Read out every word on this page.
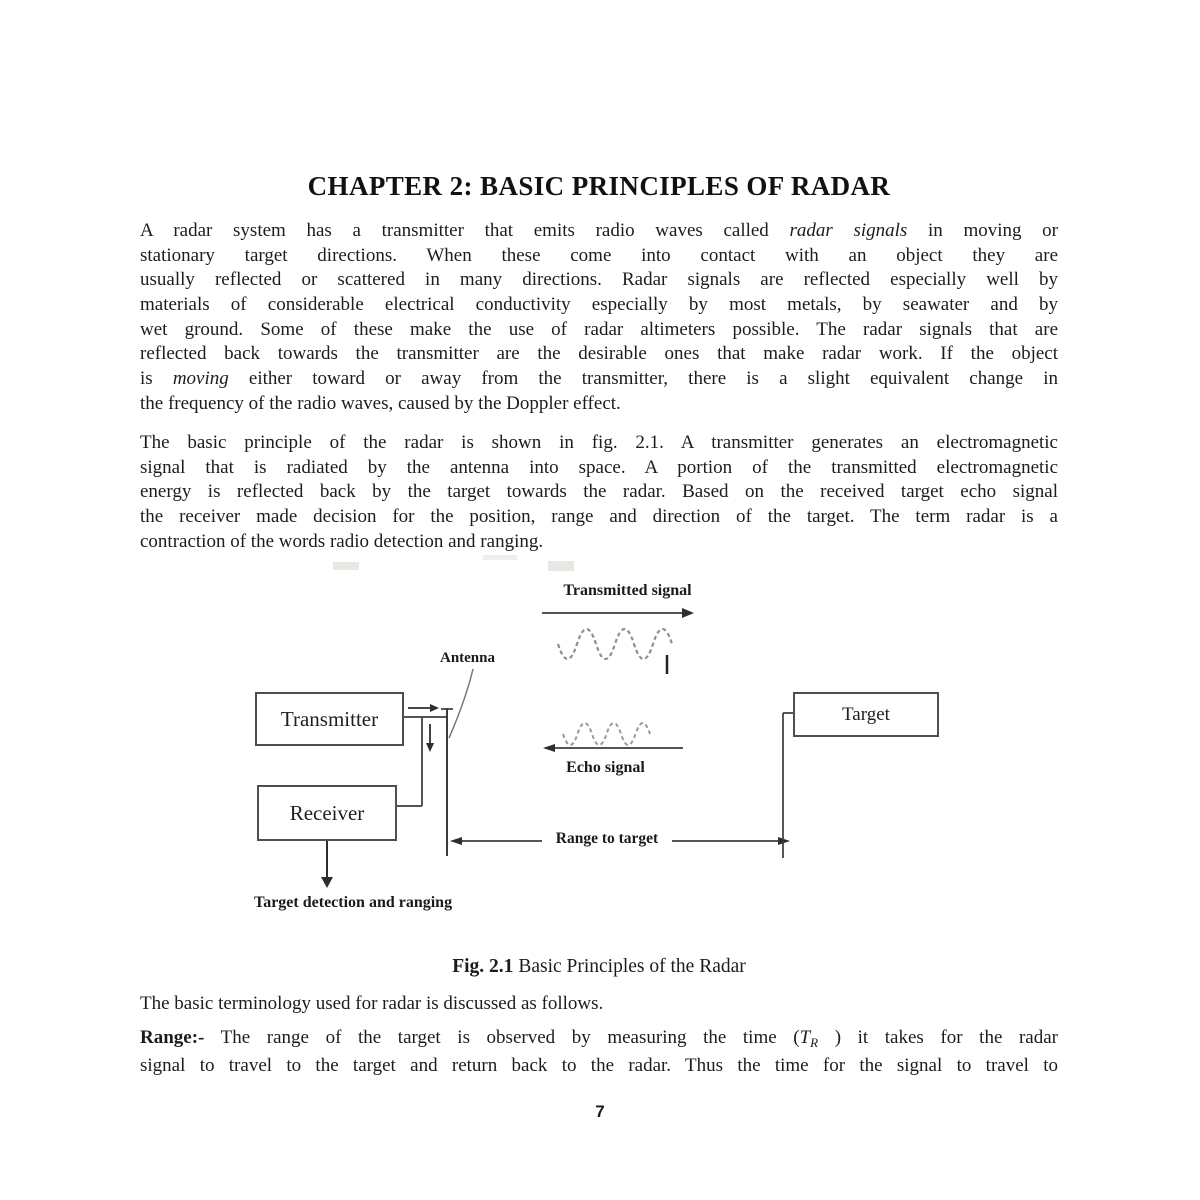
CHAPTER 2: BASIC PRINCIPLES OF RADAR
A radar system has a transmitter that emits radio waves called radar signals in moving or
stationary target directions. When these come into contact with an object they are
usually reflected or scattered in many directions. Radar signals are reflected especially well by
materials of considerable electrical conductivity especially by most metals, by seawater and by
wet ground. Some of these make the use of radar altimeters possible. The radar signals that are
reflected back towards the transmitter are the desirable ones that make radar work. If the object
is moving either toward or away from the transmitter, there is a slight equivalent change in
the frequency of the radio waves, caused by the Doppler effect.
The basic principle of the radar is shown in fig. 2.1. A transmitter generates an electromagnetic
signal that is radiated by the antenna into space. A portion of the transmitted electromagnetic
energy is reflected back by the target towards the radar. Based on the received target echo signal
the receiver made decision for the position, range and direction of the target. The term radar is a
contraction of the words radio detection and ranging.
Transmitted signal
Antenna
Transmitter
Receiver
Target
Echo signal
Range to target
Target detection and ranging
Fig. 2.1 Basic Principles of the Radar
The basic terminology used for radar is discussed as follows.
Range:- The range of the target is observed by measuring the time ($T_R$ ) it takes for the radar
signal to travel to the target and return back to the radar. Thus the time for the signal to travel to
7
